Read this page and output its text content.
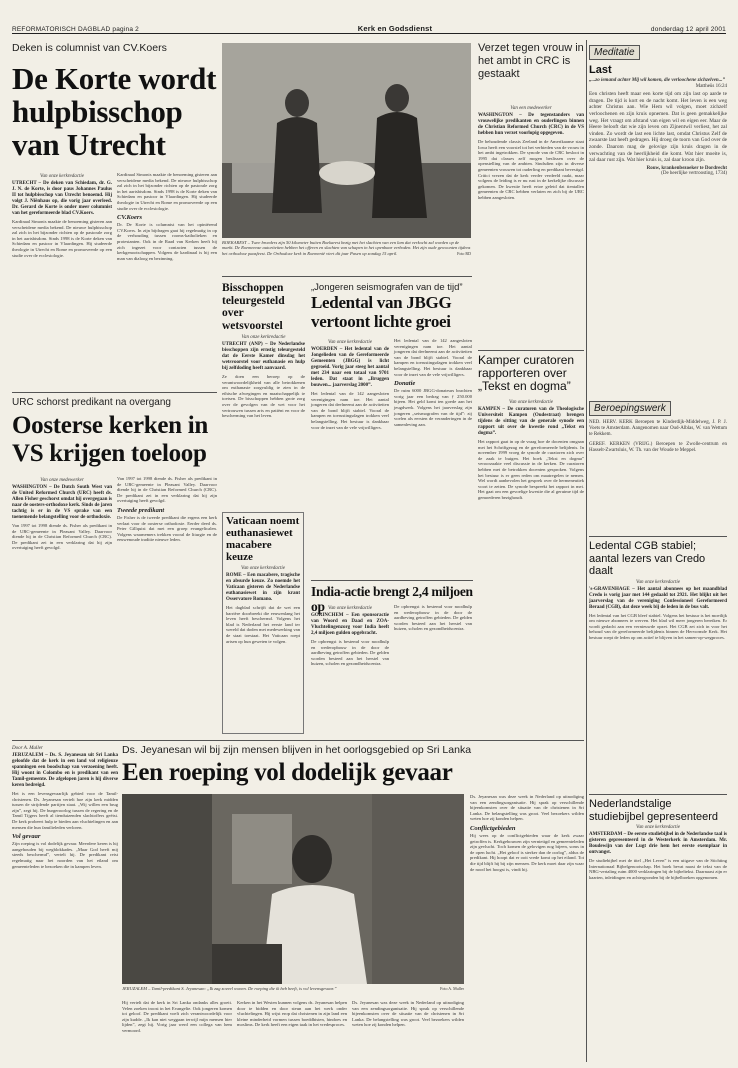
REFORMATORISCH DAGBLAD pagina 2	Kerk en Godsdienst	donderdag 12 april 2001
Deken is columnist van CV.Koers
De Korte wordt hulpbisschop van Utrecht
Van onze kerkredactie
UTRECHT – De deken van Schiedam, dr. G. J. N. de Korte, is door paus Johannes Paulus II tot hulpbisschop van Utrecht benoemd. Hij volgt J. Niënhaus op, die vorig jaar overleed. Dr. Gerard de Korte is onder meer columnist van het gereformeerde blad CV.Koers.
Kardinaal Simonis maakte de benoeming gisteren aan verscheidene media bekend. De nieuwe hulpbisschop zal zich in het bijzonder richten op de pastorale zorg in het aartsbisdom. Sinds 1998 is de Korte deken van Schiedam en pastoor in Vlaardingen. Hij studeerde theologie in Utrecht en Rome en promoveerde op een studie over de ecclesiologie.
Kardinaal Simonis maakte de benoeming gisteren aan verscheidene media bekend. De nieuwe hulpbisschop zal zich in het bijzonder richten op de pastorale zorg in het aartsbisdom. Sinds 1998 is de Korte deken van Schiedam en pastoor in Vlaardingen. Hij studeerde theologie in Utrecht en Rome en promoveerde op een studie over de ecclesiologie.
CV.Koers
Dr. De Korte is columnist van het opiniërend CV.Koers. In zijn bijdragen gaat hij regelmatig in op de verhouding tussen rooms-katholieken en protestanten. Ook in de Raad van Kerken heeft hij zich ingezet voor contacten tussen de kerkgenootschappen. Volgens de kardinaal is hij een man van dialoog en bezinning.
URC schorst predikant na overgang
Oosterse kerken in VS krijgen toeloop
Van onze medewerker
WASHINGTON – De Dutch South West van de United Reformed Church (URC) heeft ds. Allen Fisher geschorst omdat hij overgegaan is naar de oosters-orthodoxe kerk. Sinds de jaren tachtig is er in de VS sprake van een toenemende belangstelling voor de orthodoxie.
Van 1997 tot 1998 diende ds. Fisher als predikant in de URC-gemeente in Pleasant Valley. Daarvoor diende hij in de Christian Reformed Church (CRC). De predikant zei in een verklaring dat hij zijn overtuiging heeft gevolgd.
Van 1997 tot 1998 diende ds. Fisher als predikant in de URC-gemeente in Pleasant Valley. Daarvoor diende hij in de Christian Reformed Church (CRC). De predikant zei in een verklaring dat hij zijn overtuiging heeft gevolgd.
Tweede predikant
De Fisher is de tweede predikant die ergens een kerk verlaat voor de oosterse orthodoxie. Eerder deed ds. Peter Gillquist dat met een groep evangelicalen. Volgens waarnemers trekken vooral de liturgie en de eeuwenoude traditie nieuwe leden.
BOEKAREST – Twee broeders zijn 50 kilometer buiten Boekarest bezig met het slachten van een lam dat verkocht zal worden op de markt. De Roemeense autoriteiten hebben het offeren en slachten van schapen in het openbaar verboden. Het zijn oude gewoonten tijdens het orthodoxe paasfeest. De Orthodoxe kerk in Roemenië viert dit jaar Pasen op zondag 15 april.	Foto RD
Bisschoppen teleurgesteld over wetsvoorstel
Van onze kerkredactie
UTRECHT (ANP) – De Nederlandse bisschoppen zijn ernstig teleurgesteld dat de Eerste Kamer dinsdag het wetsvoorstel voor euthanasie en hulp bij zelfdoding heeft aanvaard.
Ze doen een beroep op de verantwoordelijkheid van alle betrokkenen om euthanasie zorgvuldig te zien in de ethische afwegingen en maatschappelijk te toetsen. De bisschoppen hebben grote zorg over de gevolgen van de wet voor het vertrouwen tussen arts en patiënt en voor de bescherming van het leven.
Vaticaan noemt euthanasiewet macabere keuze
Van onze kerkredactie
ROME – Een macabere, tragische en absurde keuze. Zo noemde het Vaticaan gisteren de Nederlandse euthanasiewet in zijn krant Osservatore Romano.
Het dagblad schrijft dat de wet een barrière doorbreekt die eeuwenlang het leven heeft beschermd. Volgens het blad is Nederland het eerste land ter wereld dat doden met medewerking van de staat toestaat. Het Vaticaan roept artsen op hun geweten te volgen.
„Jongeren seismografen van de tijd”
Ledental van JBGG vertoont lichte groei
Van onze kerkredactie
WOERDEN – Het ledental van de Jongelieden van de Gereformeerde Gemeenten (JBGG) is licht gegroeid. Vorig jaar steeg het aantal met 234 naar een totaal van 9701 leden. Dat staat in „Bruggen bouwen... jaarverslag 2000”.
Het ledental van de 142 aangesloten verenigingen nam toe. Het aantal jongeren dat deelneemt aan de activiteiten van de bond blijft stabiel. Vooral de kampen en toerustingsdagen trokken veel belangstelling. Het bestuur is dankbaar voor de inzet van de vele vrijwilligers.
Het ledental van de 142 aangesloten verenigingen nam toe. Het aantal jongeren dat deelneemt aan de activiteiten van de bond blijft stabiel. Vooral de kampen en toerustingsdagen trokken veel belangstelling. Het bestuur is dankbaar voor de inzet van de vele vrijwilligers.
Donatie
De ruim 6000 JBGG-donateurs brachten vorig jaar een bedrag van ƒ 250.000 bijeen. Het geld komt ten goede aan het jeugdwerk. Volgens het jaarverslag zijn jongeren „seismografen van de tijd”: zij voelen als eersten de veranderingen in de samenleving aan.
India-actie brengt 2,4 miljoen op Van onze kerkredactie
GORINCHEM – Een sponsoractie van Woord en Daad en ZOA-Vluchtelingenzorg voor India heeft 2,4 miljoen gulden opgebracht.
De opbrengst is bestemd voor noodhulp en wederopbouw in de door de aardbeving getroffen gebieden. De gelden worden besteed aan het herstel van huizen, scholen en gezondheidscentra.
De opbrengst is bestemd voor noodhulp en wederopbouw in de door de aardbeving getroffen gebieden. De gelden worden besteed aan het herstel van huizen, scholen en gezondheidscentra.
Verzet tegen vrouw in het ambt in CRC is gestaakt
Van een medewerker
WASHINGTON – De tegenstanders van vrouwelijke predikanten en ouderlingen binnen de Christian Reformed Church (CRC) in de VS hebben hun verzet voorlopig opgegeven.
De behoudende classis Zeeland in de Amerikaanse staat Iowa heeft een voorstel tot het verbieden van de vrouw in het ambt ingetrokken. De synode van de CRC besloot in 1995 dat classes zelf mogen beslissen over de openstelling van de ambten. Sindsdien zijn in diverse gemeenten vrouwen tot ouderling en predikant bevestigd. Critici vrezen dat de kerk verder verdeeld raakt, maar volgens de leiding is er nu rust in de kerkelijke discussie gekomen. De kwestie heeft ertoe geleid dat tientallen gemeenten de CRC hebben verlaten en zich bij de URC hebben aangesloten.
Kamper curatoren rapporteren over „Tekst en dogma”
Van onze kerkredactie
KAMPEN – De curatoren van de Theologische Universiteit Kampen (Oudestraat) brengen tijdens de sitting van de generale synode een rapport uit over de kwestie rond „Tekst en dogma”.
Het rapport gaat in op de vraag hoe de docenten omgaan met het Schriftgezag en de gereformeerde belijdenis. In november 1999 vroeg de synode de curatoren zich over de zaak te buigen. Het boek „Tekst en dogma” veroorzaakte veel discussie in de kerken. De curatoren hebben met de betrokken docenten gesproken. Volgens het bestuur is er geen reden om maatregelen te nemen. Wel wordt aanbevolen het gesprek over de hermeneutiek voort te zetten. De synode bespreekt het rapport in mei. Het gaat om een gevoelige kwestie die al geruime tijd de gemoederen bezighoudt.
Door A. Muller
JERUZALEM – Ds. S. Jeyanesan uit Sri Lanka geloofde dat de kerk in een land vol religieuze spanningen een boodschap van verzoening heeft. Hij woont in Colombo en is predikant van een Tamil-gemeente. De afgelopen jaren is hij diverse keren bedreigd.
Het is een levensgevaarlijk gebied voor de Tamil-christenen. Ds. Jeyanesan vertelt hoe zijn kerk midden tussen de strijdende partijen staat. „Wij willen een brug zijn”, zegt hij. De burgeroorlog tussen de regering en de Tamil Tijgers heeft al tienduizenden slachtoffers geëist. De kerk probeert hulp te bieden aan vluchtelingen en aan mensen die hun familieleden verloren.
Vol gevaar
Zijn roeping is vol dodelijk gevaar. Meerdere keren is hij aangehouden bij wegblokkades. „Maar God heeft mij steeds beschermd”, vertelt hij. De predikant reist regelmatig naar het noorden van het eiland om gemeenteleden te bezoeken die in kampen leven.
Ds. Jeyanesan wil bij zijn mensen blijven in het oorlogsgebied op Sri Lanka
Een roeping vol dodelijk gevaar
JERUZALEM – Tamil-predikant S. Jeyanesan: „Ik zag zoveel wonen. De roeping die ik heb heeft, is vol levensgevaar.”	Foto A. Muller
Hij vertelt dat de kerk in Sri Lanka ondanks alles groeit. Velen zoeken troost in het Evangelie. Ook jongeren komen tot geloof. De predikant voelt zich verantwoordelijk voor zijn kudde. „Ik kan niet weggaan terwijl mijn mensen hier lijden”, zegt hij. Vorig jaar werd een collega van hem vermoord.
Kerken in het Westen kunnen volgens ds. Jeyanesan helpen door te bidden en door steun aan het werk onder vluchtelingen. Hij wijst erop dat christenen in zijn land een kleine minderheid vormen tussen boeddhisten, hindoes en moslims. De kerk heeft een eigen taak in het vredesproces.
Ds. Jeyanesan was deze week in Nederland op uitnodiging van een zendingsorganisatie. Hij sprak op verschillende bijeenkomsten over de situatie van de christenen in Sri Lanka. De belangstelling was groot. Veel bezoekers wilden weten hoe zij konden helpen.
Ds. Jeyanesan was deze week in Nederland op uitnodiging van een zendingsorganisatie. Hij sprak op verschillende bijeenkomsten over de situatie van de christenen in Sri Lanka. De belangstelling was groot. Veel bezoekers wilden weten hoe zij konden helpen.
Conflictgebieden
Hij wees op de conflictgebieden waar de kerk zwaar getroffen is. Kerkgebouwen zijn vernietigd en gemeenteleden zijn gevlucht. Toch komen de gelovigen nog bijeen, soms in de open lucht. „Het geloof is sterker dan de oorlog”, aldus de predikant. Hij hoopt dat er ooit vrede komt op het eiland. Tot die tijd blijft hij bij zijn mensen. De kerk moet daar zijn waar de nood het hoogst is, vindt hij.
Meditatie
Last
„...zo iemand achter Mij wil komen, die verloochene zichzelven...”
Mattheüs 16:24
Een christen heeft maar een korte tijd om zijn last op aarde te dragen. De tijd is kort en de nacht komt. Het leven is een weg achter Christus aan. Wie Hem wil volgen, moet zichzelf verloochenen en zijn kruis opnemen. Dat is geen gemakkelijke weg. Het vraagt om afstand van eigen wil en eigen eer. Maar de Heere belooft dat wie zijn leven om Zijnentwil verliest, het zal vinden. Zo wordt de last een lichte last, omdat Christus Zelf de zwaarste last heeft gedragen. Hij droeg de toorn van God over de zonde. Daarom mag de gelovige zijn kruis dragen in de verwachting van de heerlijkheid die komt. Wat hier moeite is, zal daar rust zijn. Wat hier kruis is, zal daar kroon zijn.
Rouw, krankenbezoeker te Dordrecht
(De heerlijke vertroosting, 1734)
Beroepingswerk
NED. HERV. KERK Beroepen te Kinderdijk-Middelweg, J. P. J. Voets te Amsterdam. Aangenomen naar Oud-Alblas, W. van Wettum te Rekkem.
GEREF. KERKEN (VRIJG.) Beroepen te Zwolle-centrum en Hasselt-Zwartsluis, W. Th. van der Woude te Meppel.
Ledental CGB stabiel; aantal lezers van Credo daalt
Van onze kerkredactie
's-GRAVENHAGE – Het aantal abonnees op het maandblad Credo is vorig jaar met 144 gedaald tot 2921. Het blijkt uit het jaarverslag van de vereniging Confessioneel Gereformeerd Beraad (CGB), dat deze week bij de leden in de bus valt.
Het ledental van het CGB bleef stabiel. Volgens het bestuur is het moeilijk om nieuwe abonnees te werven. Het blad wil meer jongeren bereiken. Er wordt gedacht aan een vernieuwde opzet. Het CGB zet zich in voor het behoud van de gereformeerde belijdenis binnen de Hervormde Kerk. Het bestuur roept de leden op om actief te blijven in het samen-op-wegproces.
Nederlandstalige studiebijbel gepresenteerd
Van onze kerkredactie
AMSTERDAM – De eerste studiebijbel in de Nederlandse taal is gisteren gepresenteerd in de Westerkerk in Amsterdam. Mr. Boudewijn van der Lugt drie hem het eerste exemplaar in ontvangst.
De studiebijbel met de titel „Het Leven” is een uitgave van de Stichting Internationaal Bijbelgenootschap. Het boek bevat naast de tekst van de NBG-vertaling ruim 4000 verklaringen bij de bijbeltekst. Daarnaast zijn er kaarten, inleidingen en achtergronden bij de bijbelboeken opgenomen.
